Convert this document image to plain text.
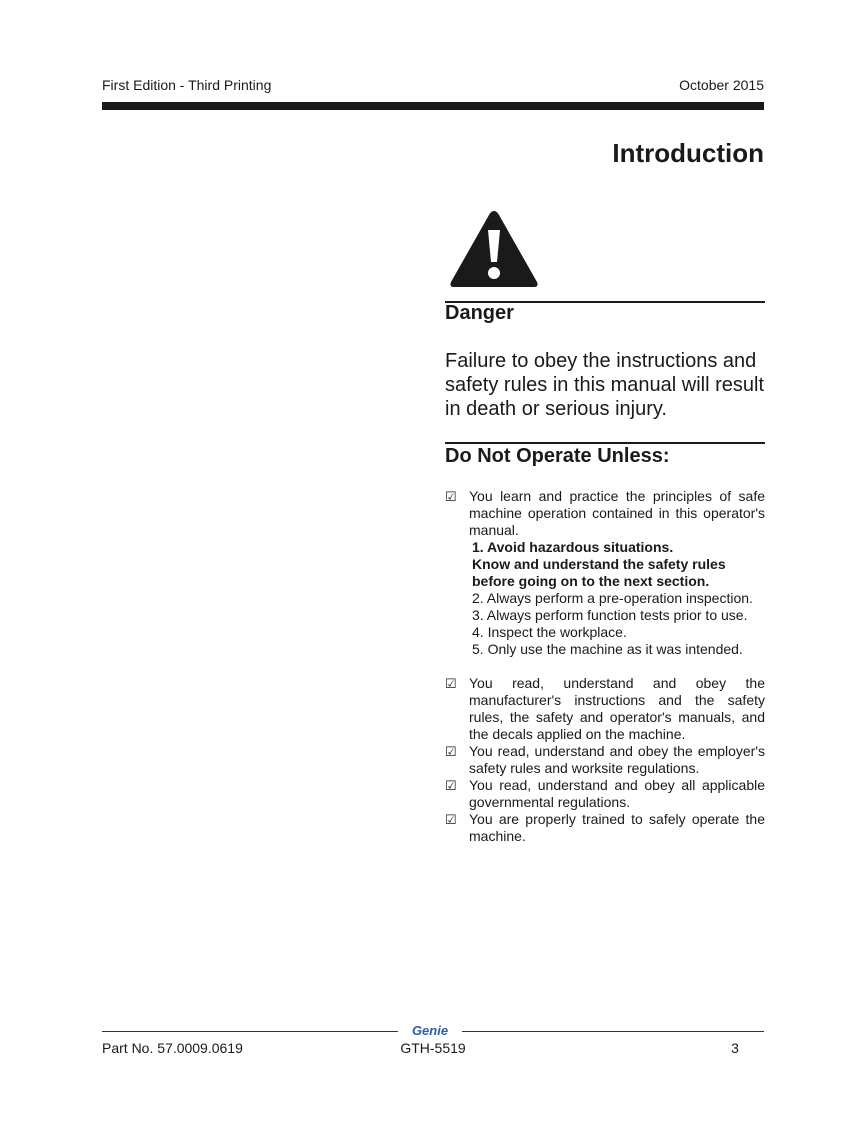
First Edition - Third Printing	October 2015
Introduction
Danger
Failure to obey the instructions and safety rules in this manual will result in death or serious injury.
Do Not Operate Unless:
☑ You learn and practice the principles of safe machine operation contained in this operator's manual.
1. Avoid hazardous situations.
Know and understand the safety rules
before going on to the next section.
2. Always perform a pre-operation inspection.
3. Always perform function tests prior to use.
4. Inspect the workplace.
5. Only use the machine as it was intended.
☑ You read, understand and obey the manufacturer's instructions and the safety rules, the safety and operator's manuals, and the decals applied on the machine.
☑ You read, understand and obey the employer's safety rules and worksite regulations.
☑ You read, understand and obey all applicable governmental regulations.
☑ You are properly trained to safely operate the machine.
Genie
Part No. 57.0009.0619	GTH-5519	3
